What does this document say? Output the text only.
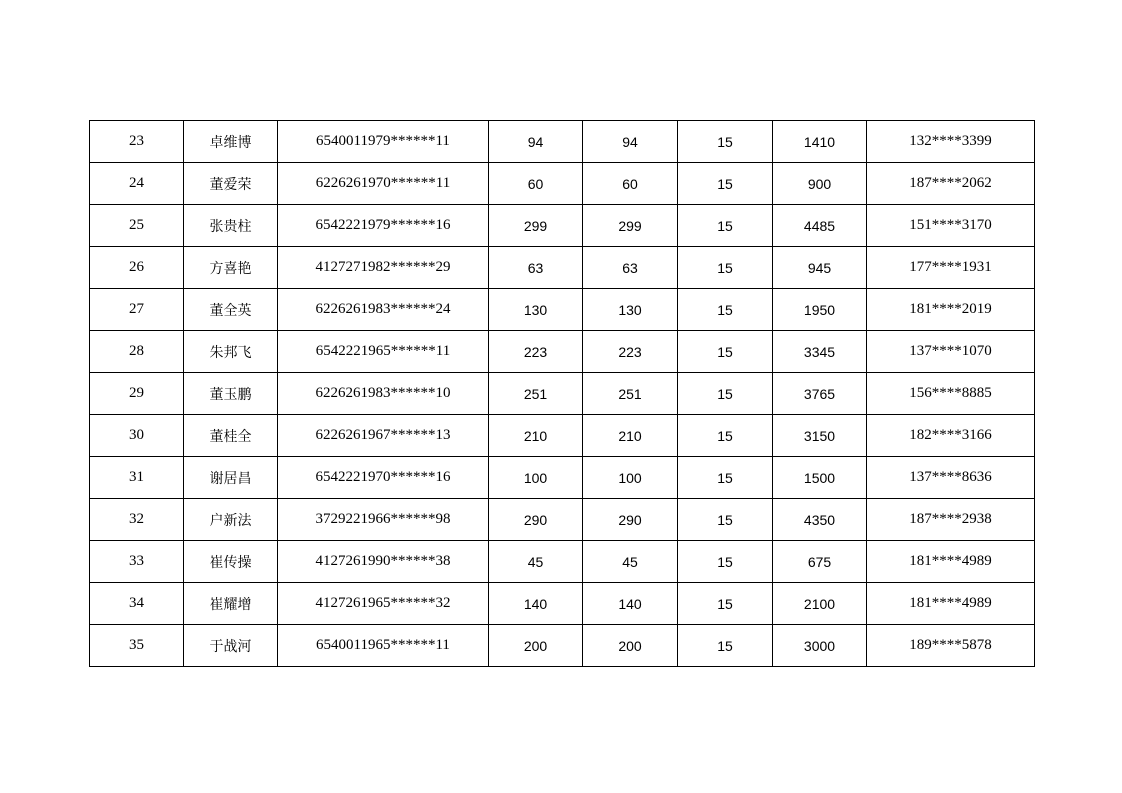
23	卓维博	6540011979******11	94	94	15	1410	132****3399
24	董爱荣	6226261970******11	60	60	15	900	187****2062
25	张贵柱	6542221979******16	299	299	15	4485	151****3170
26	方喜艳	4127271982******29	63	63	15	945	177****1931
27	董全英	6226261983******24	130	130	15	1950	181****2019
28	朱邦飞	6542221965******11	223	223	15	3345	137****1070
29	董玉鹏	6226261983******10	251	251	15	3765	156****8885
30	董桂全	6226261967******13	210	210	15	3150	182****3166
31	谢居昌	6542221970******16	100	100	15	1500	137****8636
32	户新法	3729221966******98	290	290	15	4350	187****2938
33	崔传操	4127261990******38	45	45	15	675	181****4989
34	崔耀增	4127261965******32	140	140	15	2100	181****4989
35	于战河	6540011965******11	200	200	15	3000	189****5878
